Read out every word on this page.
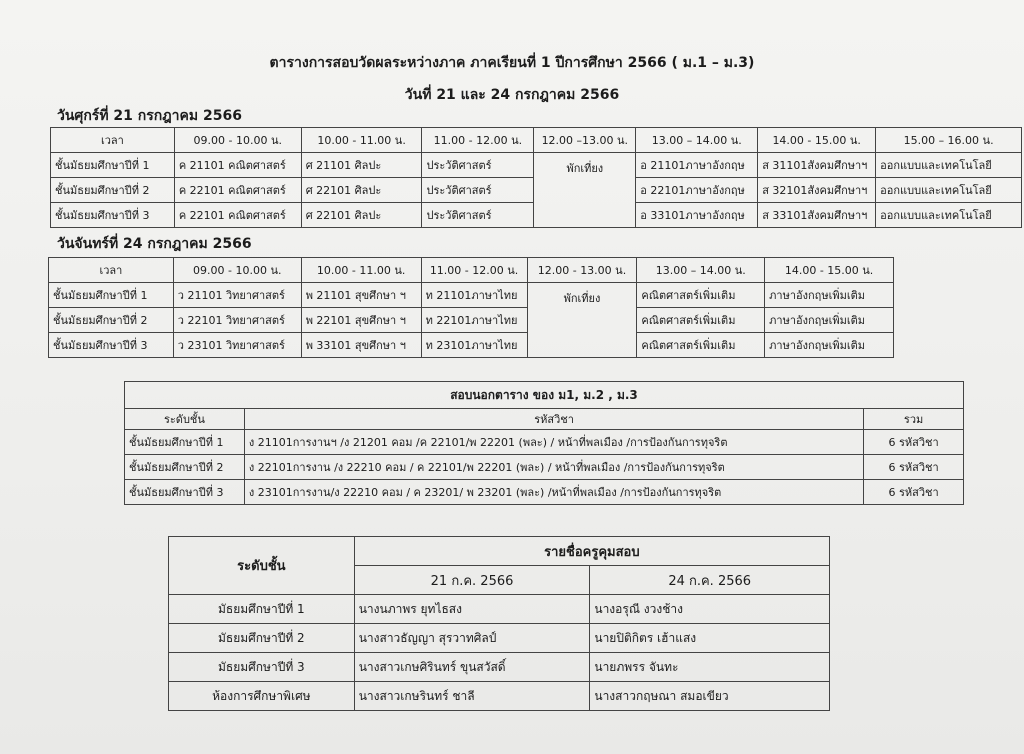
ตารางการสอบวัดผลระหว่างภาค ภาคเรียนที่ 1 ปีการศึกษา 2566 ( ม.1 – ม.3)
วันที่ 21 และ 24 กรกฎาคม 2566
วันศุกร์ที่ 21 กรกฎาคม 2566
เวลา	09.00 - 10.00 น.	10.00 - 11.00 น.	11.00 - 12.00 น.	12.00 –13.00 น.	13.00 – 14.00 น.	14.00 - 15.00 น.	15.00 – 16.00 น.
ชั้นมัธยมศึกษาปีที่ 1	ค 21101 คณิตศาสตร์	ศ 21101 ศิลปะ	ประวัติศาสตร์	พักเที่ยง	อ 21101ภาษาอังกฤษ	ส 31101สังคมศึกษาฯ	ออกแบบและเทคโนโลยี
ชั้นมัธยมศึกษาปีที่ 2	ค 22101 คณิตศาสตร์	ศ 22101 ศิลปะ	ประวัติศาสตร์		อ 22101ภาษาอังกฤษ	ส 32101สังคมศึกษาฯ	ออกแบบและเทคโนโลยี
ชั้นมัธยมศึกษาปีที่ 3	ค 22101 คณิตศาสตร์	ศ 22101 ศิลปะ	ประวัติศาสตร์		อ 33101ภาษาอังกฤษ	ส 33101สังคมศึกษาฯ	ออกแบบและเทคโนโลยี
วันจันทร์ที่ 24 กรกฎาคม 2566
เวลา	09.00 - 10.00 น.	10.00 - 11.00 น.	11.00 - 12.00 น.	12.00 - 13.00 น.	13.00 – 14.00 น.	14.00 - 15.00 น.
ชั้นมัธยมศึกษาปีที่ 1	ว 21101 วิทยาศาสตร์	พ 21101 สุขศึกษา ฯ	ท 21101ภาษาไทย	พักเที่ยง	คณิตศาสตร์เพิ่มเติม	ภาษาอังกฤษเพิ่มเติม
ชั้นมัธยมศึกษาปีที่ 2	ว 22101 วิทยาศาสตร์	พ 22101 สุขศึกษา ฯ	ท 22101ภาษาไทย		คณิตศาสตร์เพิ่มเติม	ภาษาอังกฤษเพิ่มเติม
ชั้นมัธยมศึกษาปีที่ 3	ว 23101 วิทยาศาสตร์	พ 33101 สุขศึกษา ฯ	ท 23101ภาษาไทย		คณิตศาสตร์เพิ่มเติม	ภาษาอังกฤษเพิ่มเติม
สอบนอกตาราง ของ ม1, ม.2 , ม.3		
ระดับชั้น	รหัสวิชา	รวม
ชั้นมัธยมศึกษาปีที่ 1	ง 21101การงานฯ /ง 21201 คอม /ค 22101/พ 22201 (พละ) / หน้าที่พลเมือง /การป้องกันการทุจริต	6 รหัสวิชา
ชั้นมัธยมศึกษาปีที่ 2	ง 22101การงาน /ง 22210 คอม / ค 22101/พ 22201 (พละ) / หน้าที่พลเมือง /การป้องกันการทุจริต	6 รหัสวิชา
ชั้นมัธยมศึกษาปีที่ 3	ง 23101การงาน/ง 22210 คอม / ค 23201/ พ 23201 (พละ) /หน้าที่พลเมือง /การป้องกันการทุจริต	6 รหัสวิชา
ระดับชั้น	รายชื่อครูคุมสอบ	
	21 ก.ค. 2566	24 ก.ค. 2566
มัธยมศึกษาปีที่ 1	นางนภาพร ยุทไธสง	นางอรุณี งวงช้าง
มัธยมศึกษาปีที่ 2	นางสาวธัญญา สุรวาทศิลป์	นายปิติกิตร เฮ้าแสง
มัธยมศึกษาปีที่ 3	นางสาวเกษศิรินทร์ ขุนสวัสดิ์	นายภพรร จันทะ
ห้องการศึกษาพิเศษ	นางสาวเกษรินทร์ ชาลี	นางสาวกฤษณา สมอเขียว
